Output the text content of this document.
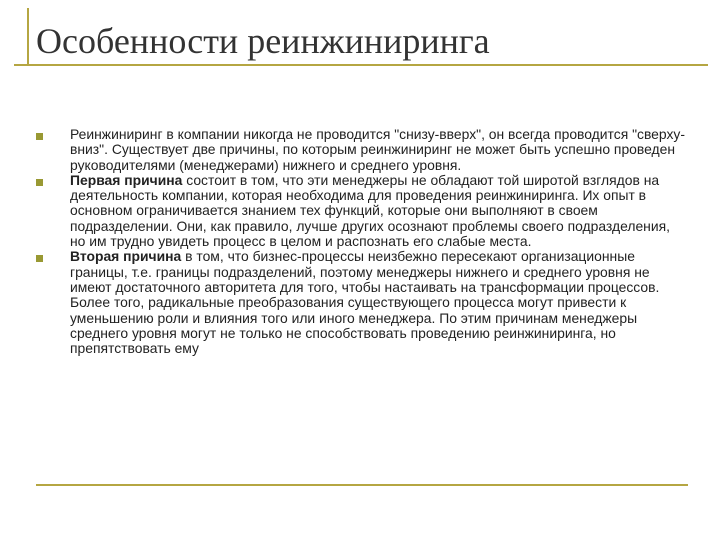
Особенности реинжиниринга
Реинжиниринг в компании никогда не проводится "снизу-вверх", он всегда проводится "сверху- вниз". Существует две причины, по которым реинжиниринг не может быть успешно проведен руководителями (менеджерами) нижнего и среднего уровня.
Первая причина состоит в том, что эти менеджеры не обладают той широтой взглядов на деятельность компании, которая необходима для проведения реинжиниринга. Их опыт в основном ограничивается знанием тех функций, которые они выполняют в своем подразделении. Они, как правило, лучше других осознают проблемы своего подразделения, но им трудно увидеть процесс в целом и распознать его слабые места.
Вторая причина в том, что бизнес-процессы неизбежно пересекают организационные границы, т.е. границы подразделений, поэтому менеджеры нижнего и среднего уровня не имеют достаточного авторитета для того, чтобы настаивать на трансформации процессов. Более того, радикальные преобразования существующего процесса могут привести к уменьшению роли и влияния того или иного менеджера. По этим причинам менеджеры среднего уровня могут не только не способствовать проведению реинжиниринга, но препятствовать ему
